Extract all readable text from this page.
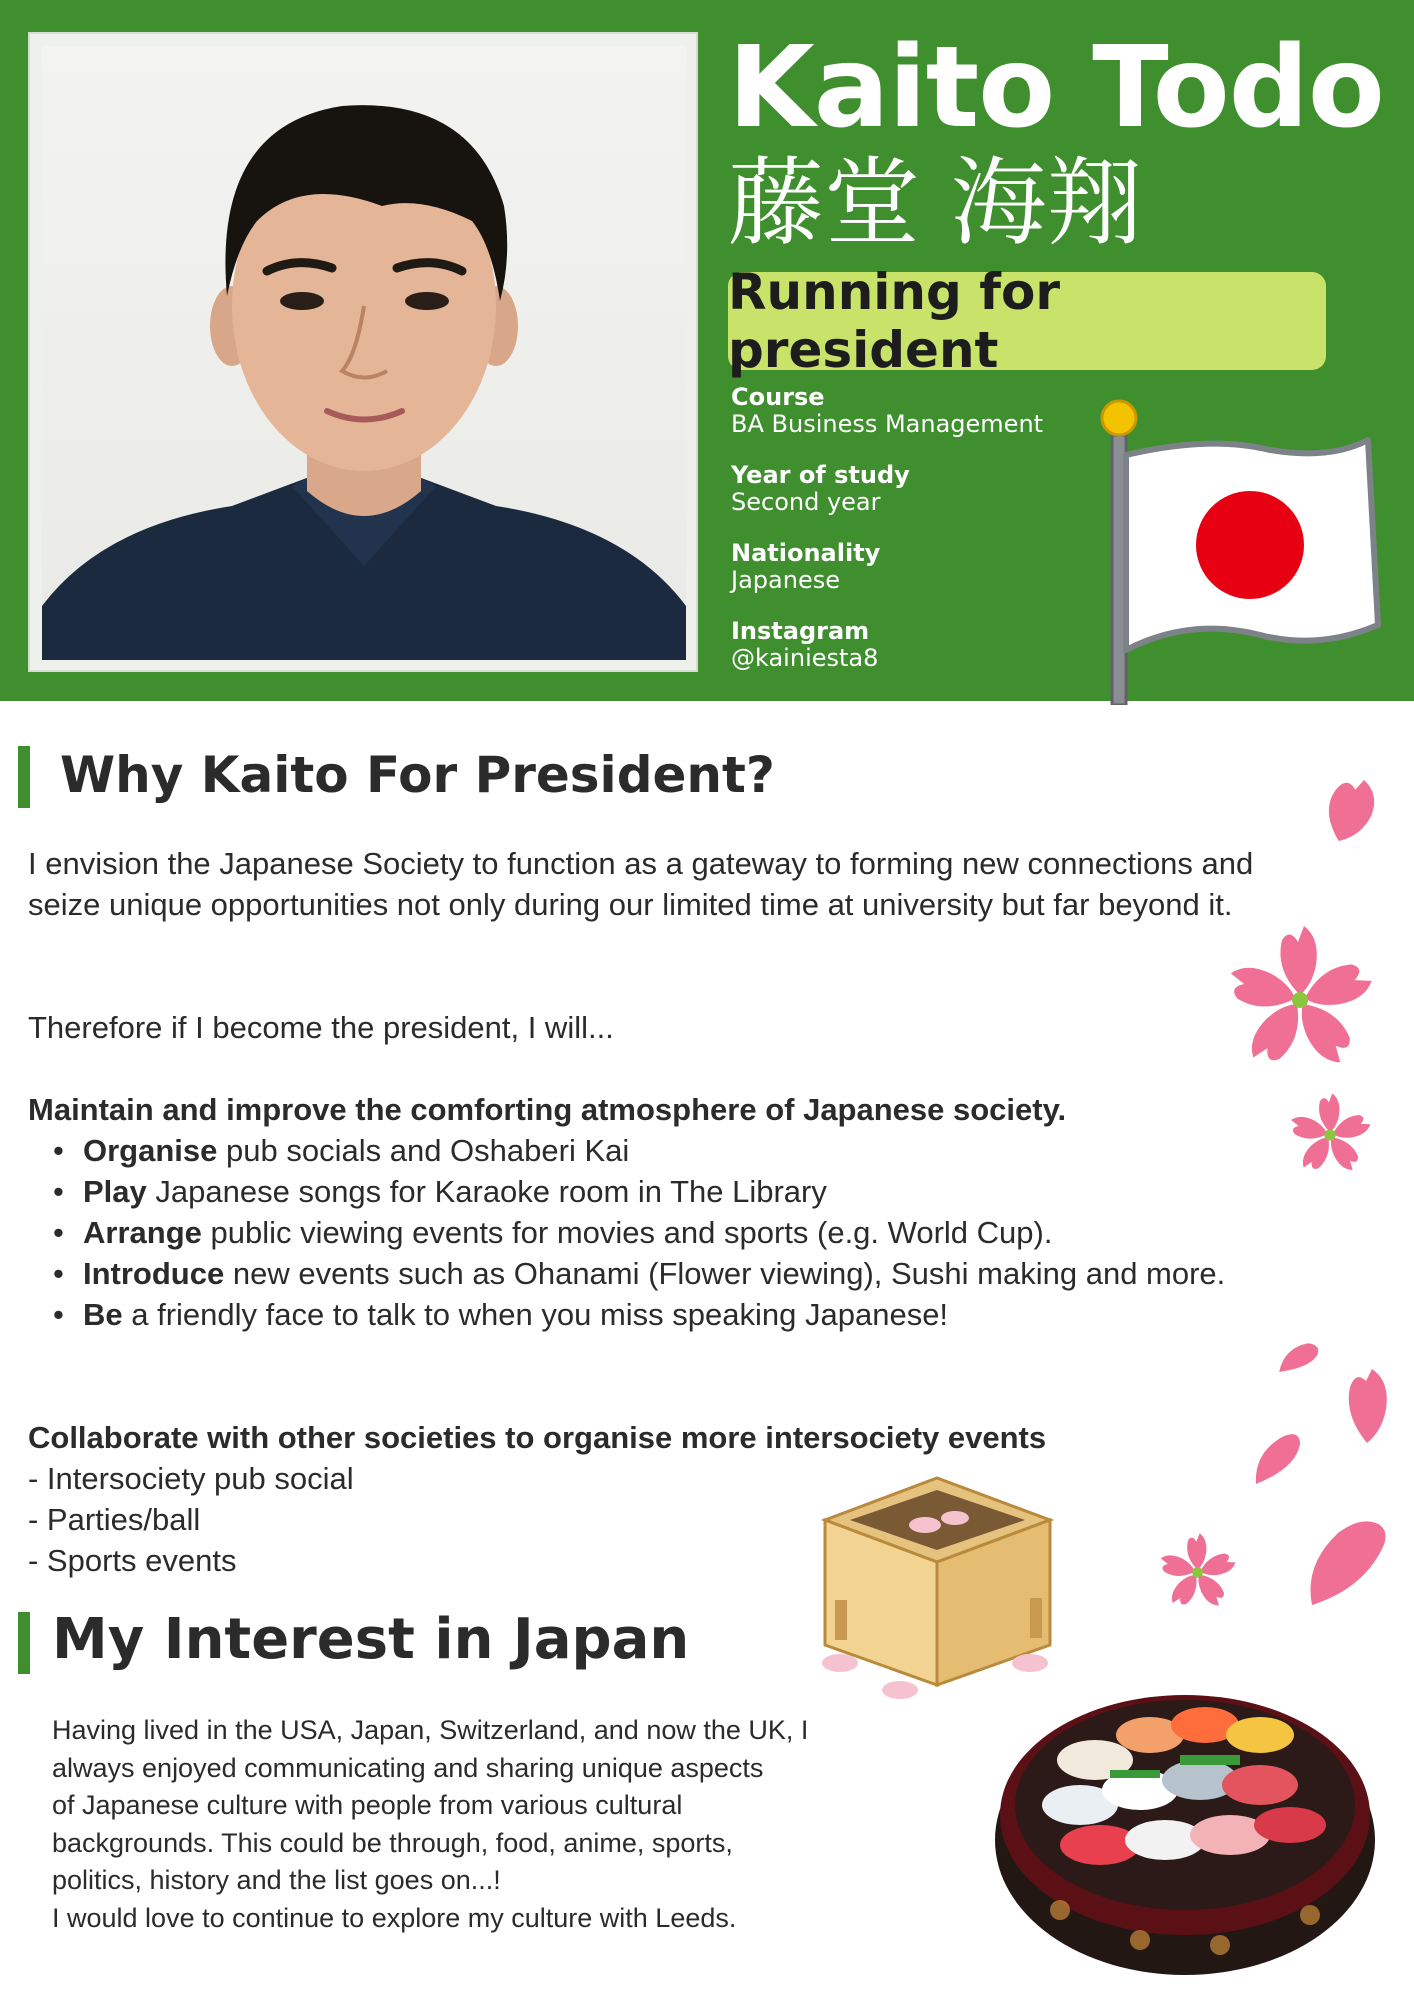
Kaito Todo
藤堂 海翔
Running for president
Course
BA Business Management
Year of study
Second year
Nationality
Japanese
Instagram
@kainiesta8
Why Kaito For President?
I envision the Japanese Society to function as a gateway to forming new connections and seize unique opportunities not only during our limited time at university but far beyond it.
Therefore if I become the president, I will...
Maintain and improve the comforting atmosphere of Japanese society.
• Organise pub socials and Oshaberi Kai
• Play Japanese songs for Karaoke room in The Library
• Arrange public viewing events for movies and sports (e.g. World Cup).
• Introduce new events such as Ohanami (Flower viewing), Sushi making and more.
• Be a friendly face to talk to when you miss speaking Japanese!
Collaborate with other societies to organise more intersociety events
- Intersociety pub social
- Parties/ball
- Sports events
My Interest in Japan
Having lived in the USA, Japan, Switzerland, and now the UK, I
always enjoyed communicating and sharing unique aspects
of Japanese culture with people from various cultural
backgrounds. This could be through, food, anime, sports,
politics, history and the list goes on...!
I would love to continue to explore my culture with Leeds.
